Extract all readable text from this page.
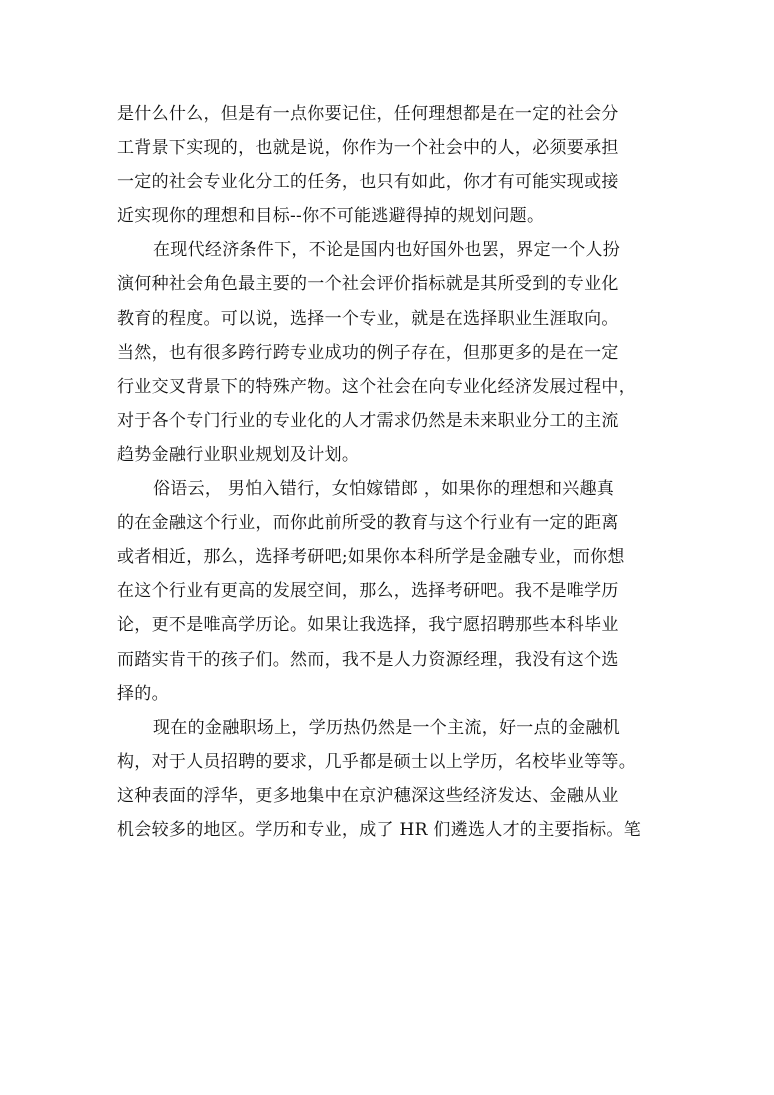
是什么什么，但是有一点你要记住，任何理想都是在一定的社会分
工背景下实现的，也就是说，你作为一个社会中的人，必须要承担
一定的社会专业化分工的任务，也只有如此，你才有可能实现或接
近实现你的理想和目标--你不可能逃避得掉的规划问题。
在现代经济条件下，不论是国内也好国外也罢，界定一个人扮
演何种社会角色最主要的一个社会评价指标就是其所受到的专业化
教育的程度。可以说，选择一个专业，就是在选择职业生涯取向。
当然，也有很多跨行跨专业成功的例子存在，但那更多的是在一定
行业交叉背景下的特殊产物。这个社会在向专业化经济发展过程中，
对于各个专门行业的专业化的人才需求仍然是未来职业分工的主流
趋势金融行业职业规划及计划。
俗语云， 男怕入错行，女怕嫁错郎 ，如果你的理想和兴趣真
的在金融这个行业，而你此前所受的教育与这个行业有一定的距离
或者相近，那么，选择考研吧;如果你本科所学是金融专业，而你想
在这个行业有更高的发展空间，那么，选择考研吧。我不是唯学历
论，更不是唯高学历论。如果让我选择，我宁愿招聘那些本科毕业
而踏实肯干的孩子们。然而，我不是人力资源经理，我没有这个选
择的。
现在的金融职场上，学历热仍然是一个主流，好一点的金融机
构，对于人员招聘的要求，几乎都是硕士以上学历，名校毕业等等。
这种表面的浮华，更多地集中在京沪穗深这些经济发达、金融从业
机会较多的地区。学历和专业，成了 HR 们遴选人才的主要指标。笔
